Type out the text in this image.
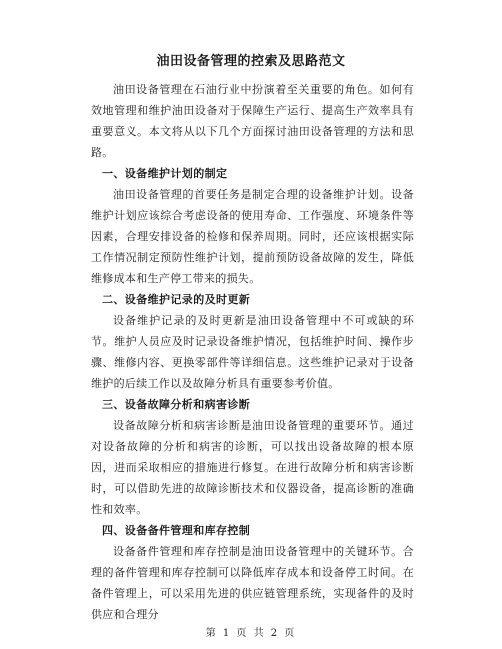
油田设备管理的控索及思路范文

油田设备管理在石油行业中扮演着至关重要的角色。如何有效地管理和维护油田设备对于保障生产运行、提高生产效率具有重要意义。本文将从以下几个方面探讨油田设备管理的方法和思路。

一、设备维护计划的制定

油田设备管理的首要任务是制定合理的设备维护计划。设备维护计划应该综合考虑设备的使用寿命、工作强度、环境条件等因素，合理安排设备的检修和保养周期。同时，还应该根据实际工作情况制定预防性维护计划，提前预防设备故障的发生，降低维修成本和生产停工带来的损失。

二、设备维护记录的及时更新

设备维护记录的及时更新是油田设备管理中不可或缺的环节。维护人员应及时记录设备维护情况，包括维护时间、操作步骤、维修内容、更换零部件等详细信息。这些维护记录对于设备维护的后续工作以及故障分析具有重要参考价值。

三、设备故障分析和病害诊断

设备故障分析和病害诊断是油田设备管理的重要环节。通过对设备故障的分析和病害的诊断，可以找出设备故障的根本原因，进而采取相应的措施进行修复。在进行故障分析和病害诊断时，可以借助先进的故障诊断技术和仪器设备，提高诊断的准确性和效率。

四、设备备件管理和库存控制

设备备件管理和库存控制是油田设备管理中的关键环节。合理的备件管理和库存控制可以降低库存成本和设备停工时间。在备件管理上，可以采用先进的供应链管理系统，实现备件的及时供应和合理分

第 1 页 共 2 页
